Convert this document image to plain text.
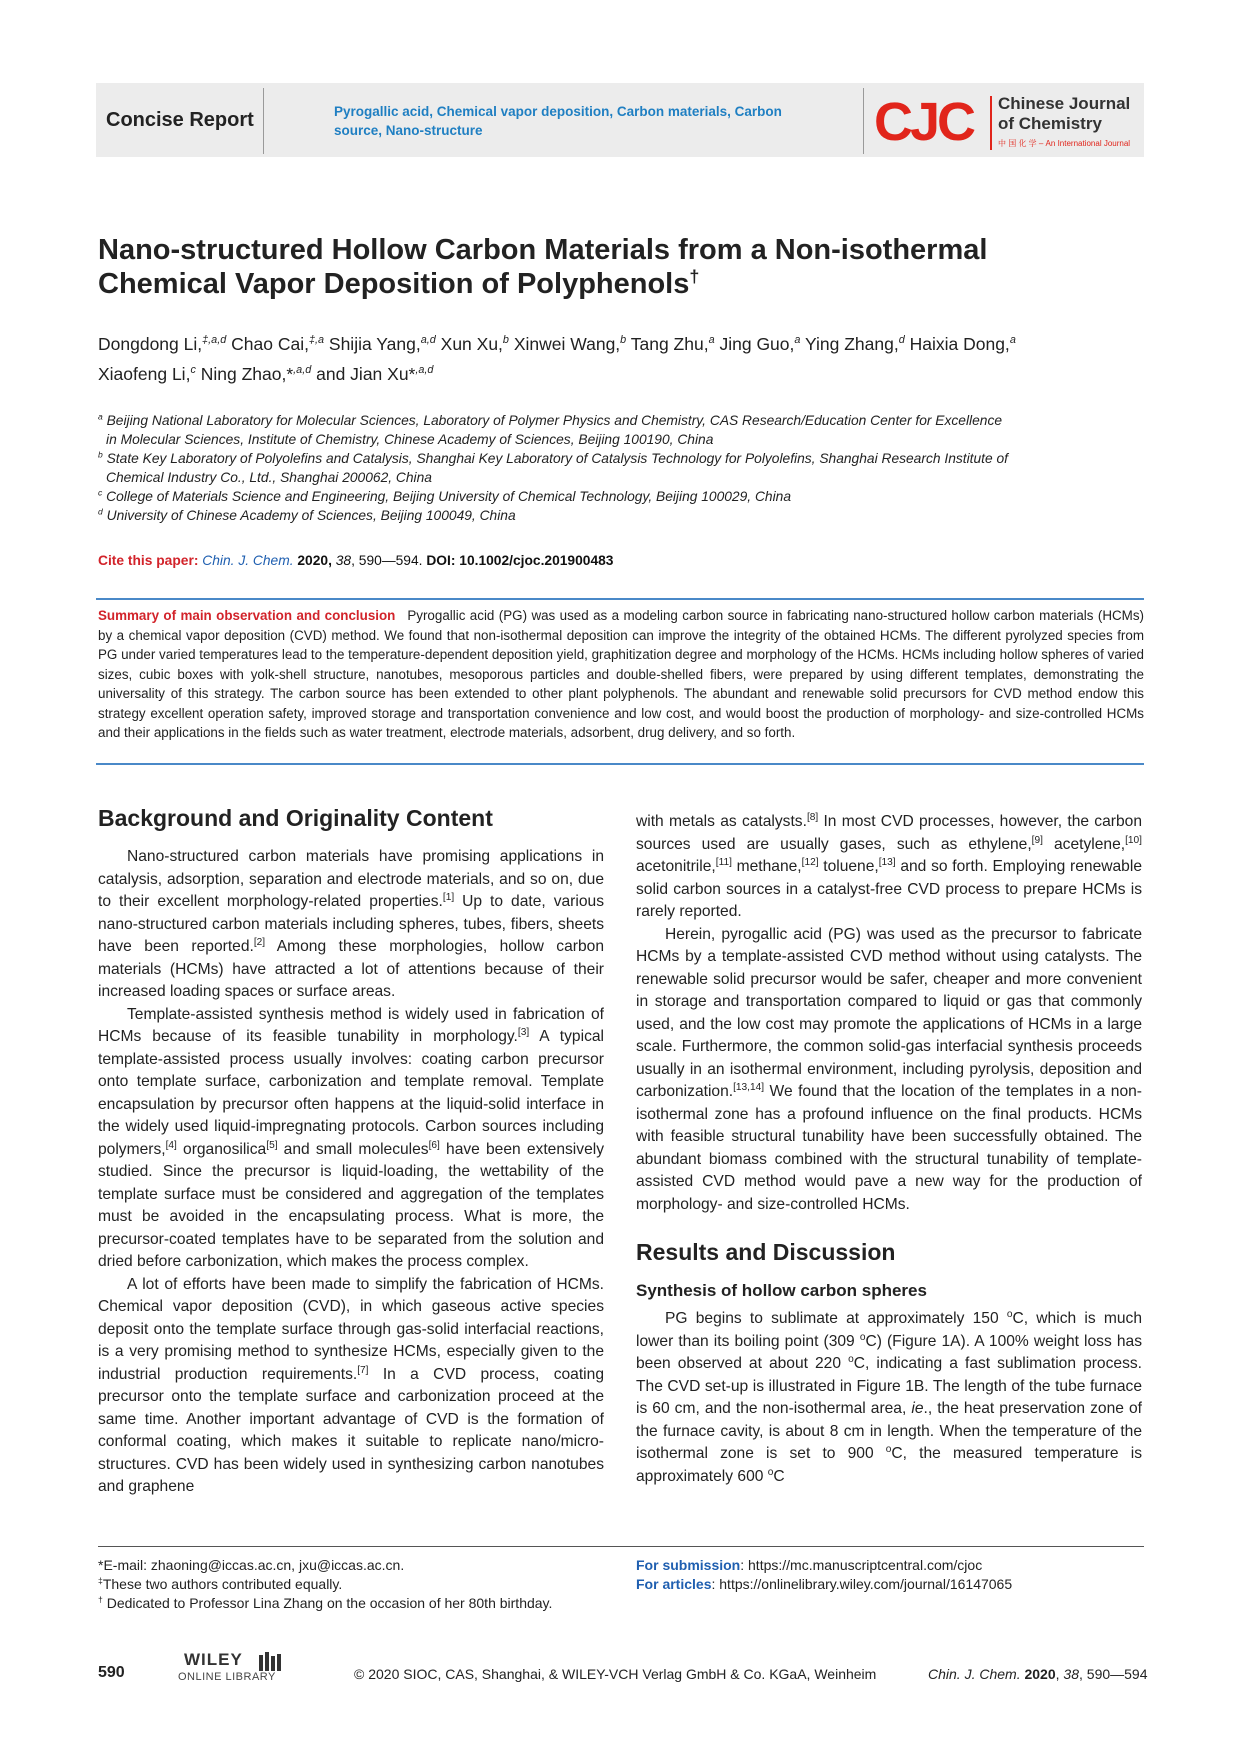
Concise Report	Pyrogallic acid, Chemical vapor deposition, Carbon materials, Carbon source, Nano-structure	CJC Chinese Journal
of Chemistry
中 国 化 学 – An International Journal
Nano-structured Hollow Carbon Materials from a Non-isothermal
Chemical Vapor Deposition of Polyphenols†
Dongdong Li,$^{\ddagger,a,d}$ Chao Cai,$^{\ddagger,a}$ Shijia Yang,$^{a,d}$ Xun Xu,$^b$ Xinwei Wang,$^b$ Tang Zhu,$^a$ Jing Guo,$^a$ Ying Zhang,$^d$ Haixia Dong,$^a$
Xiaofeng Li,$^c$ Ning Zhao,*$^{,a,d}$ and Jian Xu*$^{,a,d}$
$^a$ Beijing National Laboratory for Molecular Sciences, Laboratory of Polymer Physics and Chemistry, CAS Research/Education Center for Excellence
in Molecular Sciences, Institute of Chemistry, Chinese Academy of Sciences, Beijing 100190, China
$^b$ State Key Laboratory of Polyolefins and Catalysis, Shanghai Key Laboratory of Catalysis Technology for Polyolefins, Shanghai Research Institute of
Chemical Industry Co., Ltd., Shanghai 200062, China
$^c$ College of Materials Science and Engineering, Beijing University of Chemical Technology, Beijing 100029, China
$^d$ University of Chinese Academy of Sciences, Beijing 100049, China
Cite this paper: Chin. J. Chem. 2020, 38, 590—594. DOI: 10.1002/cjoc.201900483
Summary of main observation and conclusion Pyrogallic acid (PG) was used as a modeling carbon source in fabricating nano-structured hollow carbon materials (HCMs) by a chemical vapor deposition (CVD) method. We found that non-isothermal deposition can improve the integrity of the obtained HCMs. The different pyrolyzed species from PG under varied temperatures lead to the temperature-dependent deposition yield, graphitization degree and morphology of the HCMs. HCMs including hollow spheres of varied sizes, cubic boxes with yolk-shell structure, nanotubes, mesoporous particles and double-shelled fibers, were prepared by using different templates, demonstrating the universality of this strategy. The carbon source has been extended to other plant polyphenols. The abundant and renewable solid precursors for CVD method endow this strategy excellent operation safety, improved storage and transportation convenience and low cost, and would boost the production of morphology- and size-controlled HCMs and their applications in the fields such as water treatment, electrode materials, adsorbent, drug delivery, and so forth.
Background and Originality Content

Nano-structured carbon materials have promising applications in catalysis, adsorption, separation and electrode materials, and so on, due to their excellent morphology-related properties.[1] Up to date, various nano-structured carbon materials including spheres, tubes, fibers, sheets have been reported.[2] Among these morphologies, hollow carbon materials (HCMs) have attracted a lot of attentions because of their increased loading spaces or surface areas.

Template-assisted synthesis method is widely used in fabrication of HCMs because of its feasible tunability in morphology.[3] A typical template-assisted process usually involves: coating carbon precursor onto template surface, carbonization and template removal. Template encapsulation by precursor often happens at the liquid-solid interface in the widely used liquid-impregnating protocols. Carbon sources including polymers,[4] organosilica[5] and small molecules[6] have been extensively studied. Since the precursor is liquid-loading, the wettability of the template surface must be considered and aggregation of the templates must be avoided in the encapsulating process. What is more, the precursor-coated templates have to be separated from the solution and dried before carbonization, which makes the process complex.

A lot of efforts have been made to simplify the fabrication of HCMs. Chemical vapor deposition (CVD), in which gaseous active species deposit onto the template surface through gas-solid interfacial reactions, is a very promising method to synthesize HCMs, especially given to the industrial production requirements.[7] In a CVD process, coating precursor onto the template surface and carbonization proceed at the same time. Another important advantage of CVD is the formation of conformal coating, which makes it suitable to replicate nano/micro-structures. CVD has been widely used in synthesizing carbon nanotubes and graphene

with metals as catalysts.[8] In most CVD processes, however, the carbon sources used are usually gases, such as ethylene,[9] acetylene,[10] acetonitrile,[11] methane,[12] toluene,[13] and so forth. Employing renewable solid carbon sources in a catalyst-free CVD process to prepare HCMs is rarely reported.

Herein, pyrogallic acid (PG) was used as the precursor to fabricate HCMs by a template-assisted CVD method without using catalysts. The renewable solid precursor would be safer, cheaper and more convenient in storage and transportation compared to liquid or gas that commonly used, and the low cost may promote the applications of HCMs in a large scale. Furthermore, the common solid-gas interfacial synthesis proceeds usually in an isothermal environment, including pyrolysis, deposition and carbonization.[13,14] We found that the location of the templates in a non-isothermal zone has a profound influence on the final products. HCMs with feasible structural tunability have been successfully obtained. The abundant biomass combined with the structural tunability of template-assisted CVD method would pave a new way for the production of morphology- and size-controlled HCMs.

Results and Discussion
Synthesis of hollow carbon spheres

PG begins to sublimate at approximately 150 $^o$C, which is much lower than its boiling point (309 $^o$C) (Figure 1A). A 100% weight loss has been observed at about 220 $^o$C, indicating a fast sublimation process. The CVD set-up is illustrated in Figure 1B. The length of the tube furnace is 60 cm, and the non-isothermal area, ie., the heat preservation zone of the furnace cavity, is about 8 cm in length. When the temperature of the isothermal zone is set to 900 $^o$C, the measured temperature is approximately 600 $^o$C

*E-mail: zhaoning@iccas.ac.cn, jxu@iccas.ac.cn.
‡These two authors contributed equally.
† Dedicated to Professor Lina Zhang on the occasion of her 80th birthday.
For submission: https://mc.manuscriptcentral.com/cjoc
For articles: https://onlinelibrary.wiley.com/journal/16147065
590
WILEY
ONLINE LIBRARY	© 2020 SIOC, CAS, Shanghai, & WILEY-VCH Verlag GmbH & Co. KGaA, Weinheim	Chin. J. Chem. 2020, 38, 590—594
